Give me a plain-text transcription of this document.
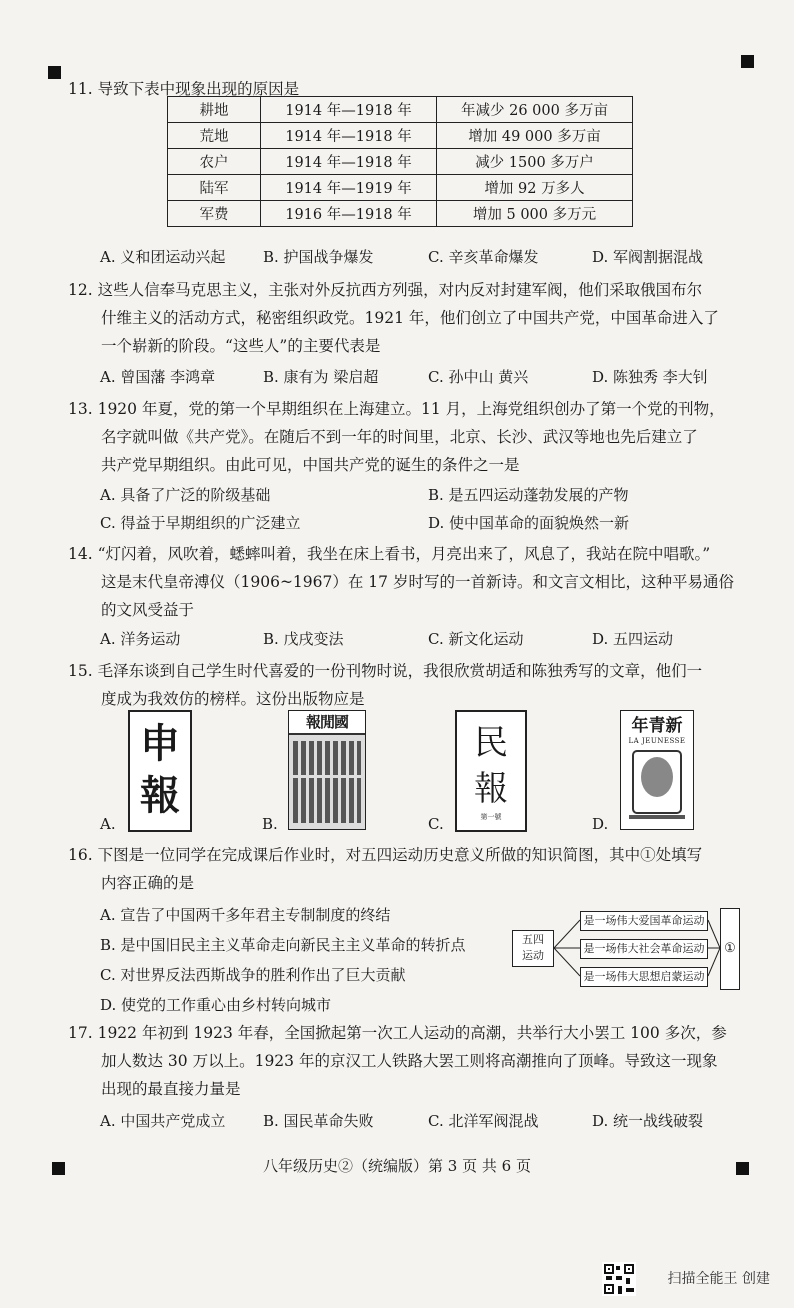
11. 导致下表中现象出现的原因是
耕地	1914 年—1918 年	年减少 26 000 多万亩
荒地	1914 年—1918 年	增加 49 000 多万亩
农户	1914 年—1918 年	减少 1500 多万户
陆军	1914 年—1919 年	增加 92 万多人
军费	1916 年—1918 年	增加 5 000 多万元
A. 义和团运动兴起	B. 护国战争爆发	C. 辛亥革命爆发	D. 军阀割据混战
12. 这些人信奉马克思主义，主张对外反抗西方列强，对内反对封建军阀，他们采取俄国布尔
什维主义的活动方式，秘密组织政党。1921 年，他们创立了中国共产党，中国革命进入了
一个崭新的阶段。“这些人”的主要代表是
A. 曾国藩 李鸿章	B. 康有为 梁启超	C. 孙中山 黄兴	D. 陈独秀 李大钊
13. 1920 年夏，党的第一个早期组织在上海建立。11 月，上海党组织创办了第一个党的刊物，
名字就叫做《共产党》。在随后不到一年的时间里，北京、长沙、武汉等地也先后建立了
共产党早期组织。由此可见，中国共产党的诞生的条件之一是
A. 具备了广泛的阶级基础	B. 是五四运动蓬勃发展的产物
C. 得益于早期组织的广泛建立	D. 使中国革命的面貌焕然一新
14. “灯闪着，风吹着，蟋蟀叫着，我坐在床上看书，月亮出来了，风息了，我站在院中唱歌。”
这是末代皇帝溥仪（1906~1967）在 17 岁时写的一首新诗。和文言文相比，这种平易通俗
的文风受益于
A. 洋务运动	B. 戊戌变法	C. 新文化运动	D. 五四运动
15. 毛泽东谈到自己学生时代喜爱的一份刊物时说，我很欣赏胡适和陈独秀写的文章，他们一
度成为我效仿的榜样。这份出版物应是
A.
申
報
B.
報閒國
C.
民
報
第一號	D.
年青新
LA JEUNESSE
16. 下图是一位同学在完成课后作业时，对五四运动历史意义所做的知识简图，其中①处填写
内容正确的是
A. 宣告了中国两千多年君主专制制度的终结
B. 是中国旧民主主义革命走向新民主主义革命的转折点
C. 对世界反法西斯战争的胜利作出了巨大贡献
D. 使党的工作重心由乡村转向城市
五四
运动
是一场伟大爱国革命运动
是一场伟大社会革命运动
是一场伟大思想启蒙运动
①
17. 1922 年初到 1923 年春，全国掀起第一次工人运动的高潮，共举行大小罢工 100 多次，参
加人数达 30 万以上。1923 年的京汉工人铁路大罢工则将高潮推向了顶峰。导致这一现象
出现的最直接力量是
A. 中国共产党成立	B. 国民革命失败	C. 北洋军阀混战	D. 统一战线破裂
八年级历史②（统编版）第 3 页 共 6 页
扫描全能王 创建
